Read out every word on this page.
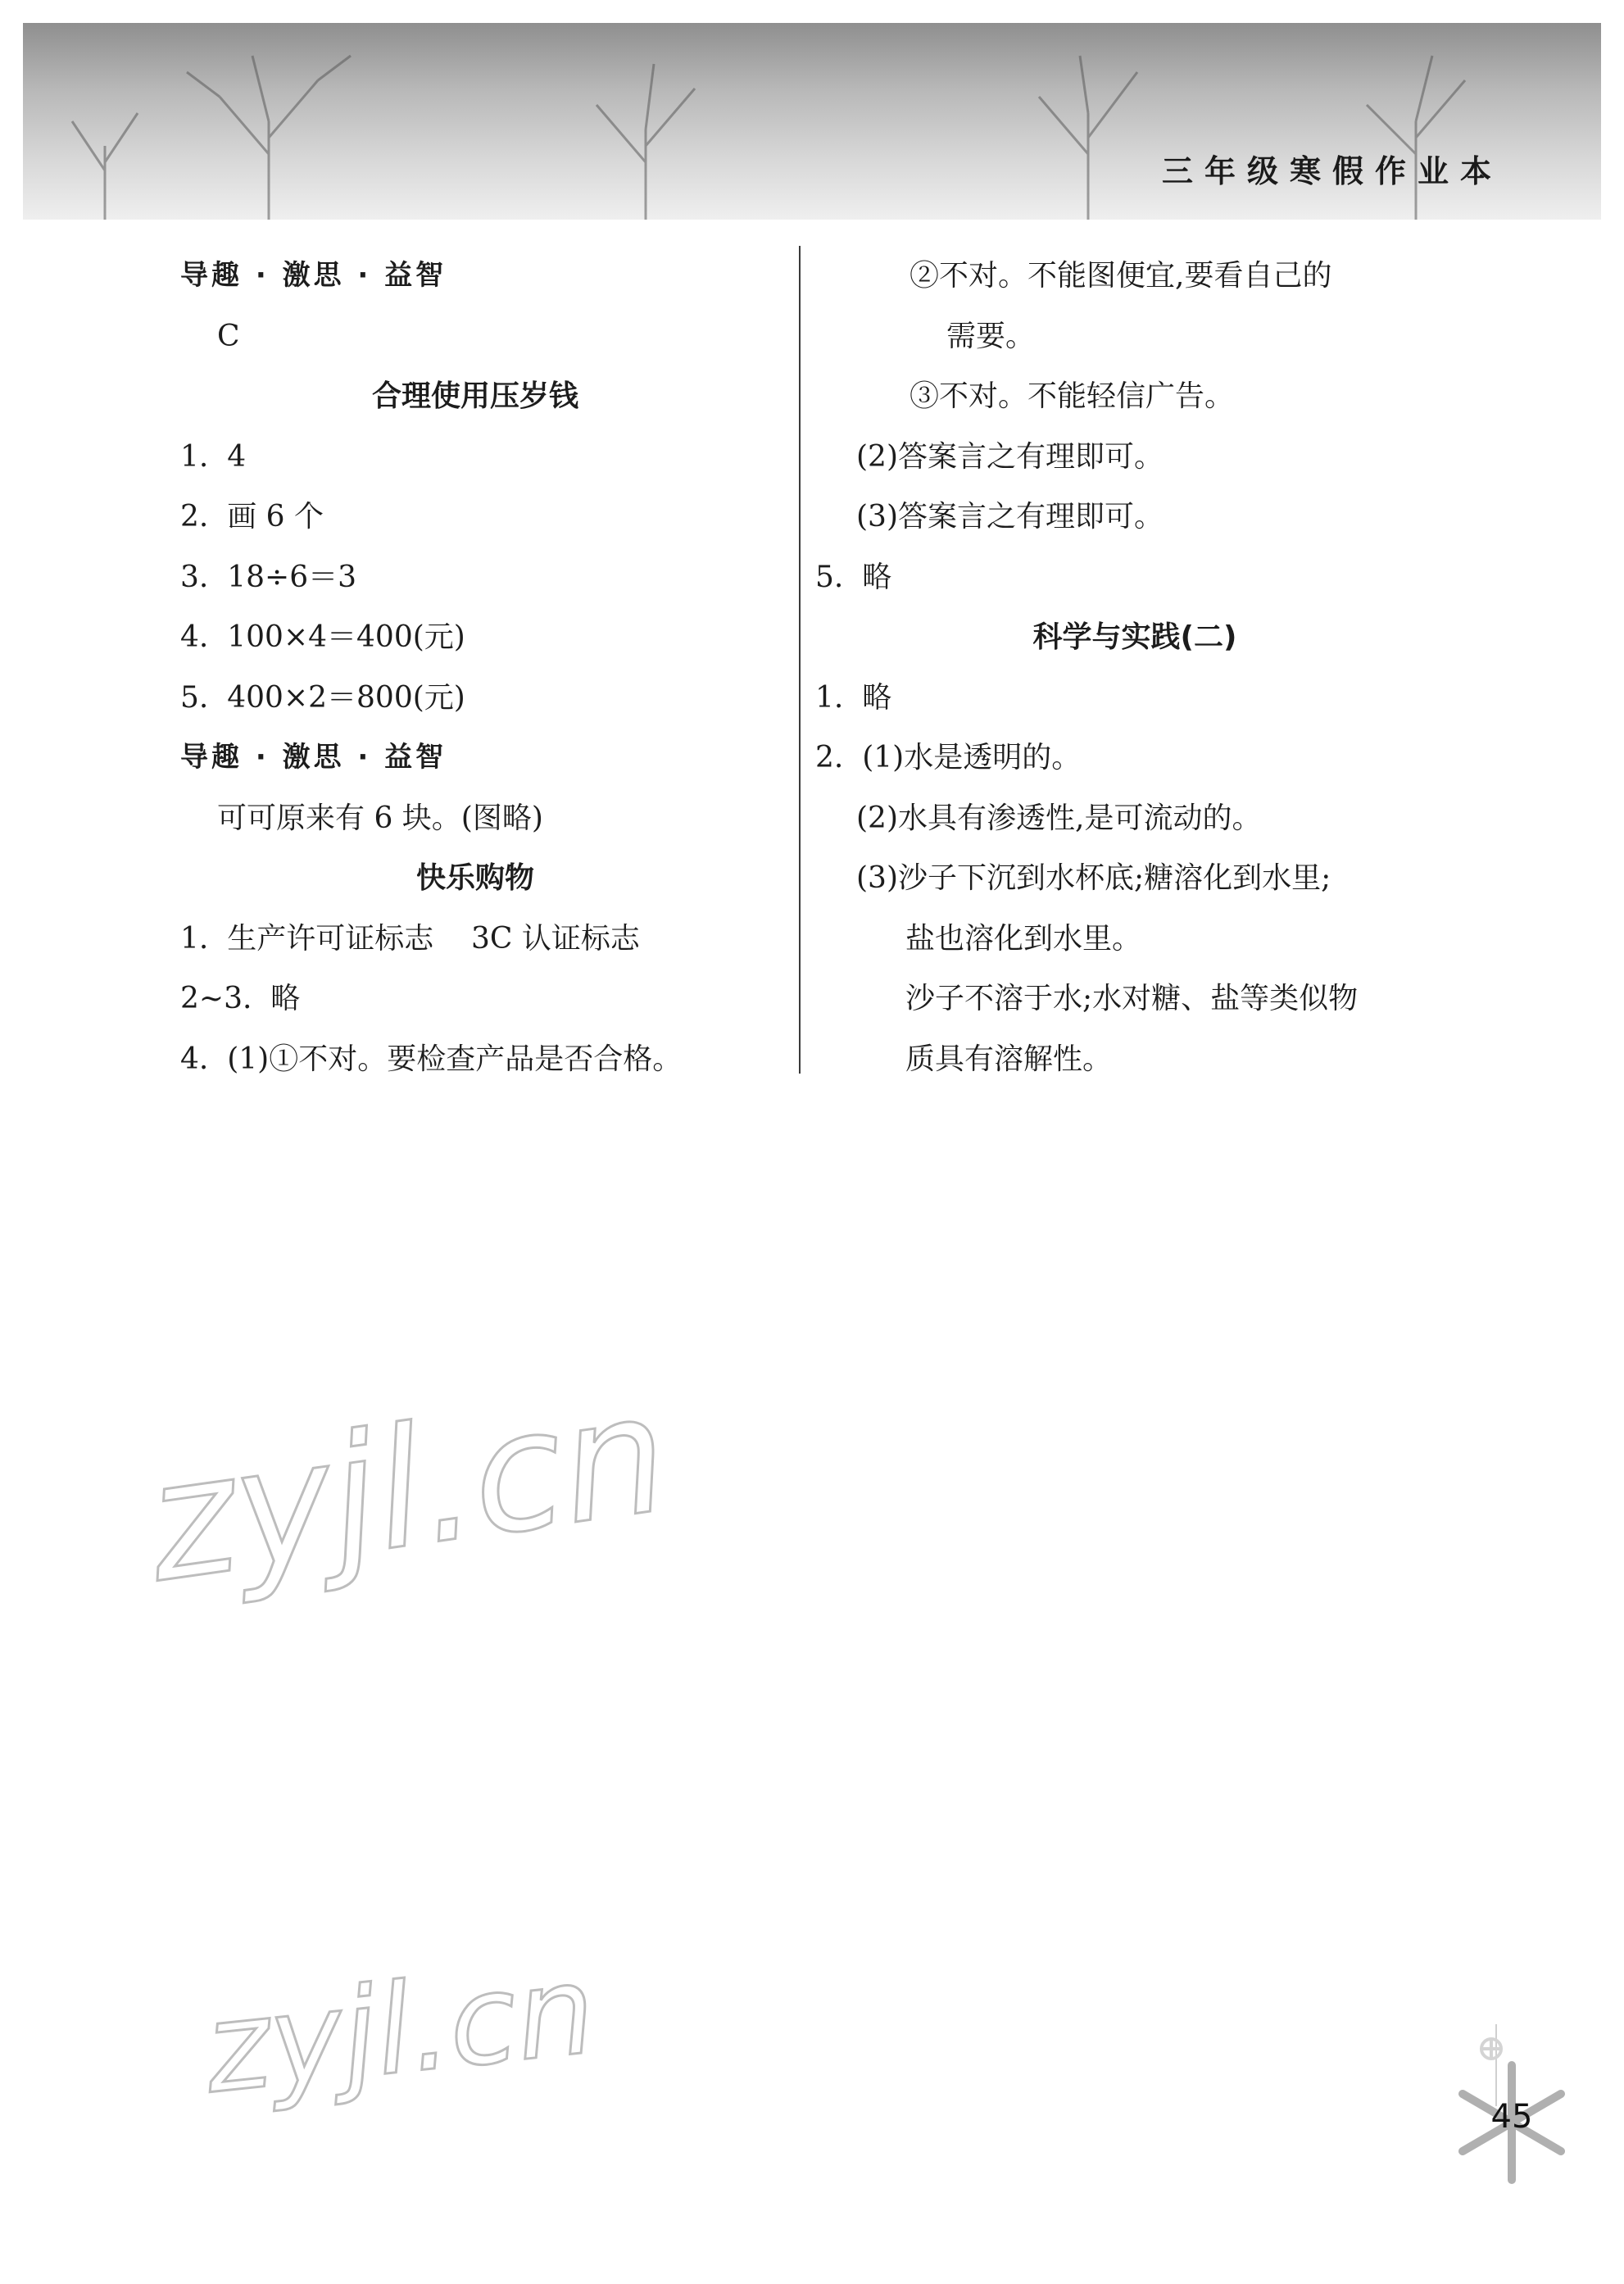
三年级寒假作业本
导趣 · 激思 · 益智
C
合理使用压岁钱
1.  4
2.  画 6 个
3.  18÷6＝3
4.  100×4＝400(元)
5.  400×2＝800(元)
导趣 · 激思 · 益智
可可原来有 6 块。(图略)
快乐购物
1.  生产许可证标志    3C 认证标志
2~3.  略
4.  (1)①不对。要检查产品是否合格。
②不对。不能图便宜,要看自己的
需要。
③不对。不能轻信广告。
(2)答案言之有理即可。
(3)答案言之有理即可。
5.  略
科学与实践(二)
1.  略
2.  (1)水是透明的。
(2)水具有渗透性,是可流动的。
(3)沙子下沉到水杯底;糖溶化到水里;
盐也溶化到水里。
沙子不溶于水;水对糖、盐等类似物
质具有溶解性。
zyjl.cn
zyjl.cn	45
